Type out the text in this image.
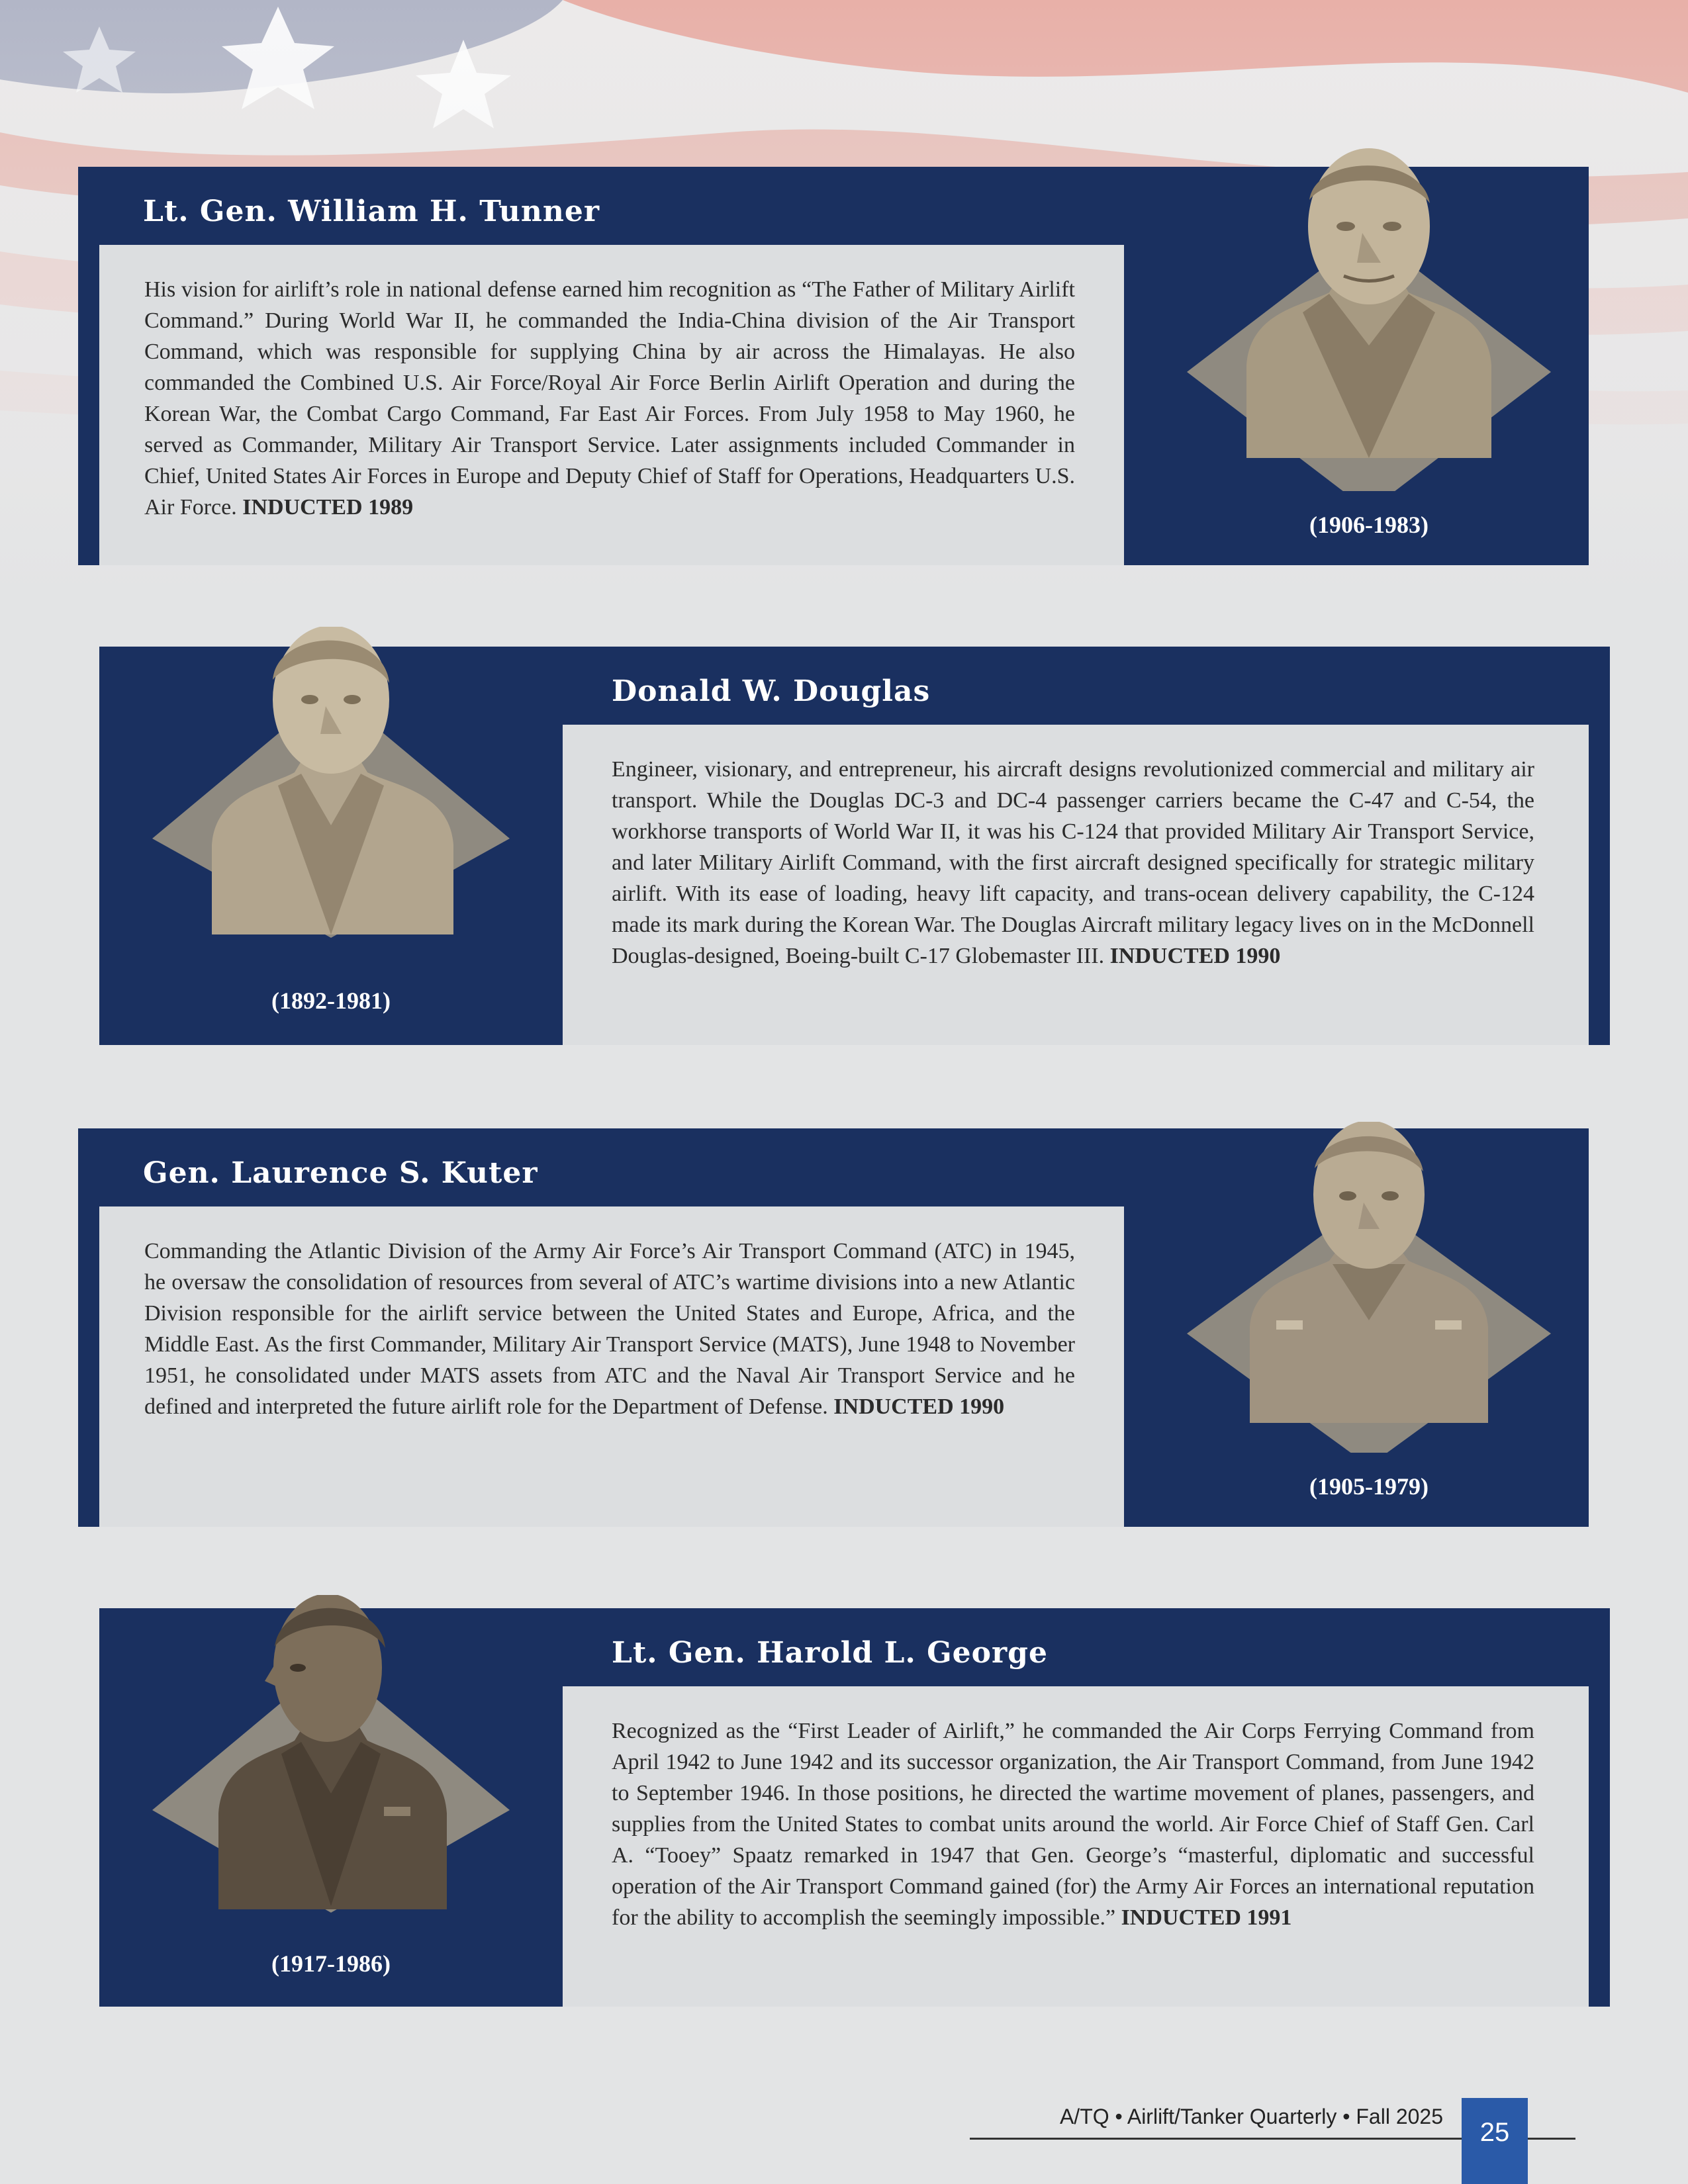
Lt. Gen. William H. Tunner

His vision for airlift’s role in national defense earned him recognition as “The Father of Military Airlift Command.” During World War II, he commanded the India-China division of the Air Transport Command, which was responsible for supplying China by air across the Himalayas. He also commanded the Combined U.S. Air Force/Royal Air Force Berlin Airlift Operation and during the Korean War, the Combat Cargo Command, Far East Air Forces. From July 1958 to May 1960, he served as Commander, Military Air Transport Service. Later assignments included Commander in Chief, United States Air Forces in Europe and Deputy Chief of Staff for Operations, Headquarters U.S. Air Force. INDUCTED 1989

(1906-1983)
Donald W. Douglas

Engineer, visionary, and entrepreneur, his aircraft designs revolutionized commercial and military air transport. While the Douglas DC-3 and DC-4 passenger carriers became the C-47 and C-54, the workhorse transports of World War II, it was his C-124 that provided Military Air Transport Service, and later Military Airlift Command, with the first aircraft designed specifically for strategic military airlift. With its ease of loading, heavy lift capacity, and trans-ocean delivery capability, the C-124 made its mark during the Korean War. The Douglas Aircraft military legacy lives on in the McDonnell Douglas-designed, Boeing-built C-17 Globemaster III. INDUCTED 1990

(1892-1981)
Gen. Laurence S. Kuter

Commanding the Atlantic Division of the Army Air Force’s Air Transport Command (ATC) in 1945, he oversaw the consolidation of resources from several of ATC’s wartime divisions into a new Atlantic Division responsible for the airlift service between the United States and Europe, Africa, and the Middle East. As the first Commander, Military Air Transport Service (MATS), June 1948 to November 1951, he consolidated under MATS assets from ATC and the Naval Air Transport Service and he defined and interpreted the future airlift role for the Department of Defense. INDUCTED 1990

(1905-1979)
Lt. Gen. Harold L. George

Recognized as the “First Leader of Airlift,” he commanded the Air Corps Ferrying Command from April 1942 to June 1942 and its successor organization, the Air Transport Command, from June 1942 to September 1946. In those positions, he directed the wartime movement of planes, passengers, and supplies from the United States to combat units around the world. Air Force Chief of Staff Gen. Carl A. “Tooey” Spaatz remarked in 1947 that Gen. George’s “masterful, diplomatic and successful operation of the Air Transport Command gained (for) the Army Air Forces an international reputation for the ability to accomplish the seemingly impossible.” INDUCTED 1991

(1917-1986)
A/TQ • Airlift/Tanker Quarterly • Fall 2025
25
